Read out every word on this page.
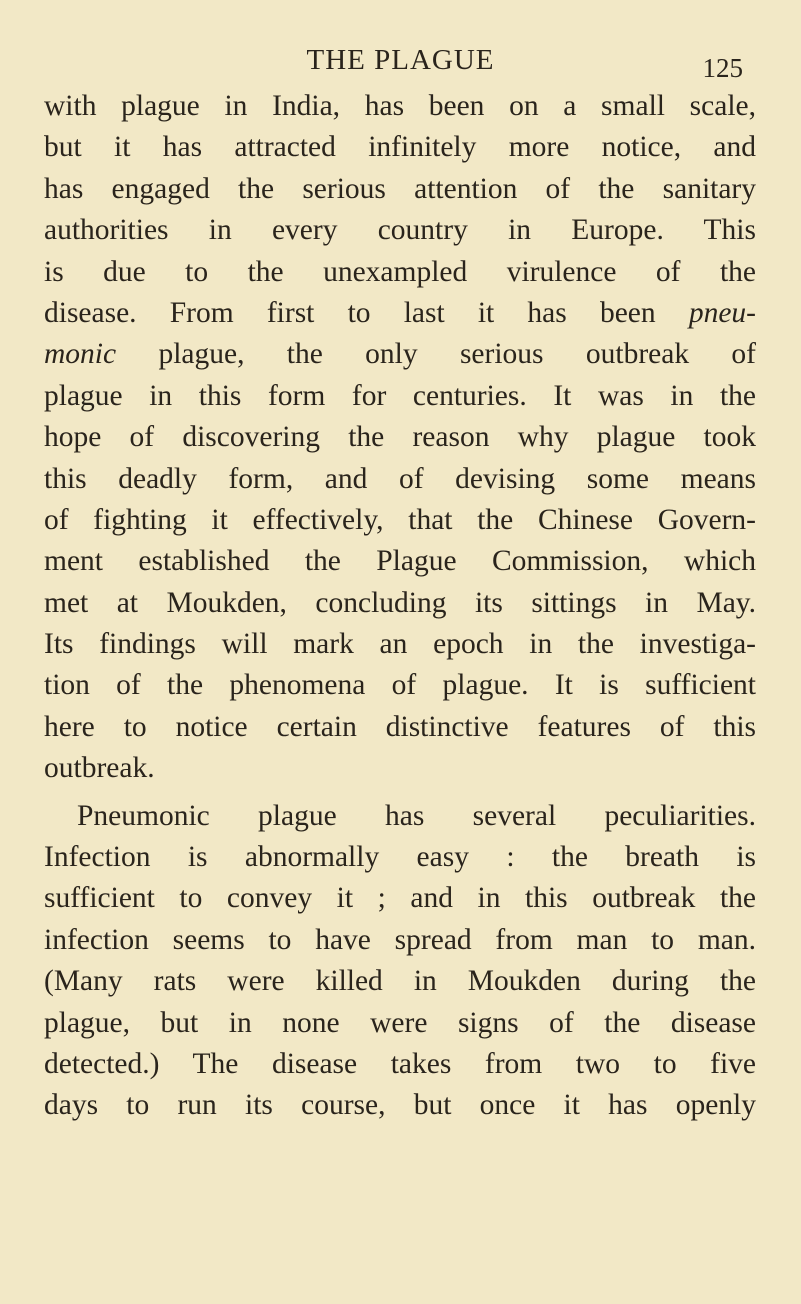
THE PLAGUE	125
with plague in India, has been on a small scale,
but it has attracted infinitely more notice, and
has engaged the serious attention of the sanitary
authorities in every country in Europe. This
is due to the unexampled virulence of the
disease. From first to last it has been pneu-
monic plague, the only serious outbreak of
plague in this form for centuries. It was in the
hope of discovering the reason why plague took
this deadly form, and of devising some means
of fighting it effectively, that the Chinese Govern-
ment established the Plague Commission, which
met at Moukden, concluding its sittings in May.
Its findings will mark an epoch in the investiga-
tion of the phenomena of plague. It is sufficient
here to notice certain distinctive features of this
outbreak.
Pneumonic plague has several peculiarities.
Infection is abnormally easy : the breath is
sufficient to convey it ; and in this outbreak the
infection seems to have spread from man to man.
(Many rats were killed in Moukden during the
plague, but in none were signs of the disease
detected.) The disease takes from two to five
days to run its course, but once it has openly
